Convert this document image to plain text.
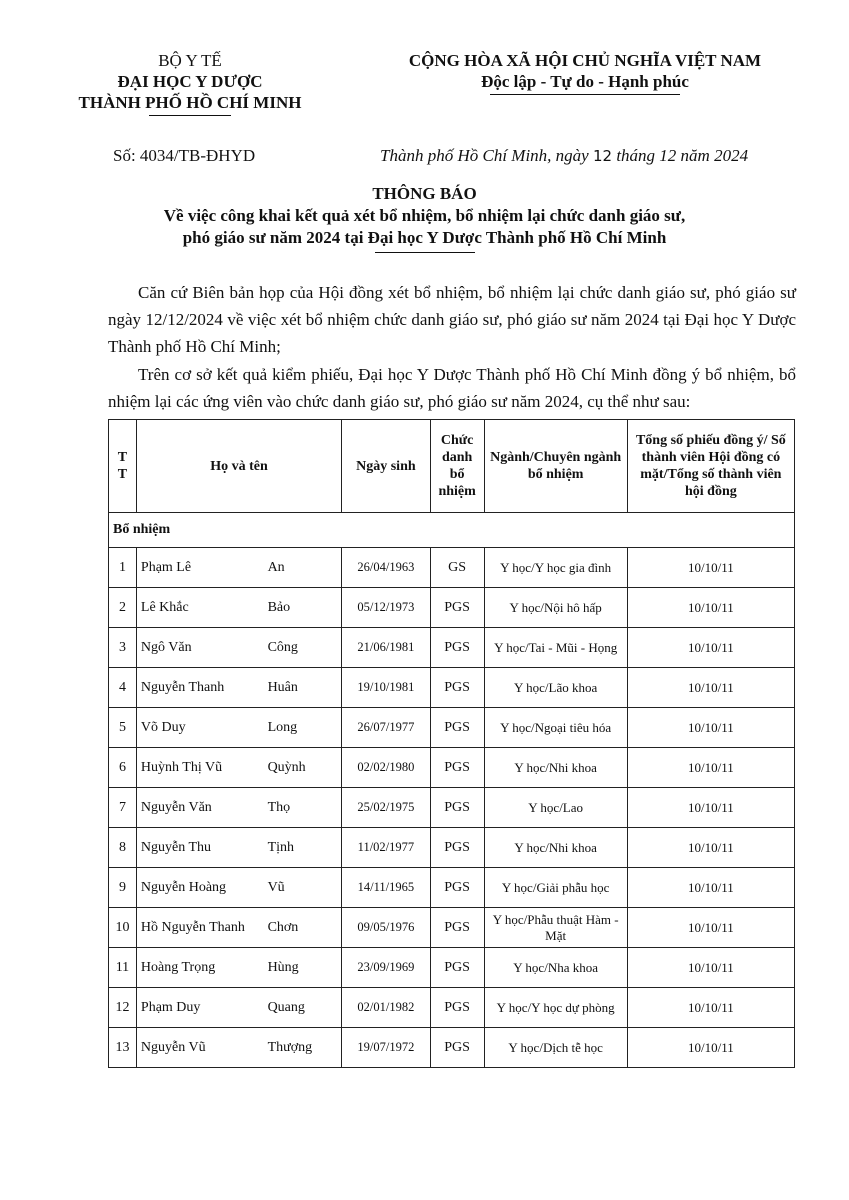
BỘ Y TẾ
ĐẠI HỌC Y DƯỢC
THÀNH PHỐ HỒ CHÍ MINH
CỘNG HÒA XÃ HỘI CHỦ NGHĨA VIỆT NAM
Độc lập - Tự do - Hạnh phúc
Số: 4034/TB-ĐHYD	Thành phố Hồ Chí Minh, ngày 12 tháng 12 năm 2024
THÔNG BÁO
Về việc công khai kết quả xét bổ nhiệm, bổ nhiệm lại chức danh giáo sư,
phó giáo sư năm 2024 tại Đại học Y Dược Thành phố Hồ Chí Minh
Căn cứ Biên bản họp của Hội đồng xét bổ nhiệm, bổ nhiệm lại chức danh giáo sư, phó giáo sư ngày 12/12/2024 về việc xét bổ nhiệm chức danh giáo sư, phó giáo sư năm 2024 tại Đại học Y Dược Thành phố Hồ Chí Minh;
Trên cơ sở kết quả kiểm phiếu, Đại học Y Dược Thành phố Hồ Chí Minh đồng ý bổ nhiệm, bổ nhiệm lại các ứng viên vào chức danh giáo sư, phó giáo sư năm 2024, cụ thể như sau:
T T	Họ và tên		Ngày sinh	Chức danh bổ nhiệm	Ngành/Chuyên ngành bổ nhiệm	Tổng số phiếu đồng ý/ Số thành viên Hội đồng có mặt/Tổng số thành viên hội đồng
Bổ nhiệm						
1	Phạm Lê	An	26/04/1963	GS	Y học/Y học gia đình	10/10/11
2	Lê Khắc	Bảo	05/12/1973	PGS	Y học/Nội hô hấp	10/10/11
3	Ngô Văn	Công	21/06/1981	PGS	Y học/Tai - Mũi - Họng	10/10/11
4	Nguyễn Thanh	Huân	19/10/1981	PGS	Y học/Lão khoa	10/10/11
5	Võ Duy	Long	26/07/1977	PGS	Y học/Ngoại tiêu hóa	10/10/11
6	Huỳnh Thị Vũ	Quỳnh	02/02/1980	PGS	Y học/Nhi khoa	10/10/11
7	Nguyễn Văn	Thọ	25/02/1975	PGS	Y học/Lao	10/10/11
8	Nguyễn Thu	Tịnh	11/02/1977	PGS	Y học/Nhi khoa	10/10/11
9	Nguyễn Hoàng	Vũ	14/11/1965	PGS	Y học/Giải phẫu học	10/10/11
10	Hồ Nguyễn Thanh	Chơn	09/05/1976	PGS	Y học/Phẫu thuật Hàm - Mặt	10/10/11
11	Hoàng Trọng	Hùng	23/09/1969	PGS	Y học/Nha khoa	10/10/11
12	Phạm Duy	Quang	02/01/1982	PGS	Y học/Y học dự phòng	10/10/11
13	Nguyễn Vũ	Thượng	19/07/1972	PGS	Y học/Dịch tễ học	10/10/11
